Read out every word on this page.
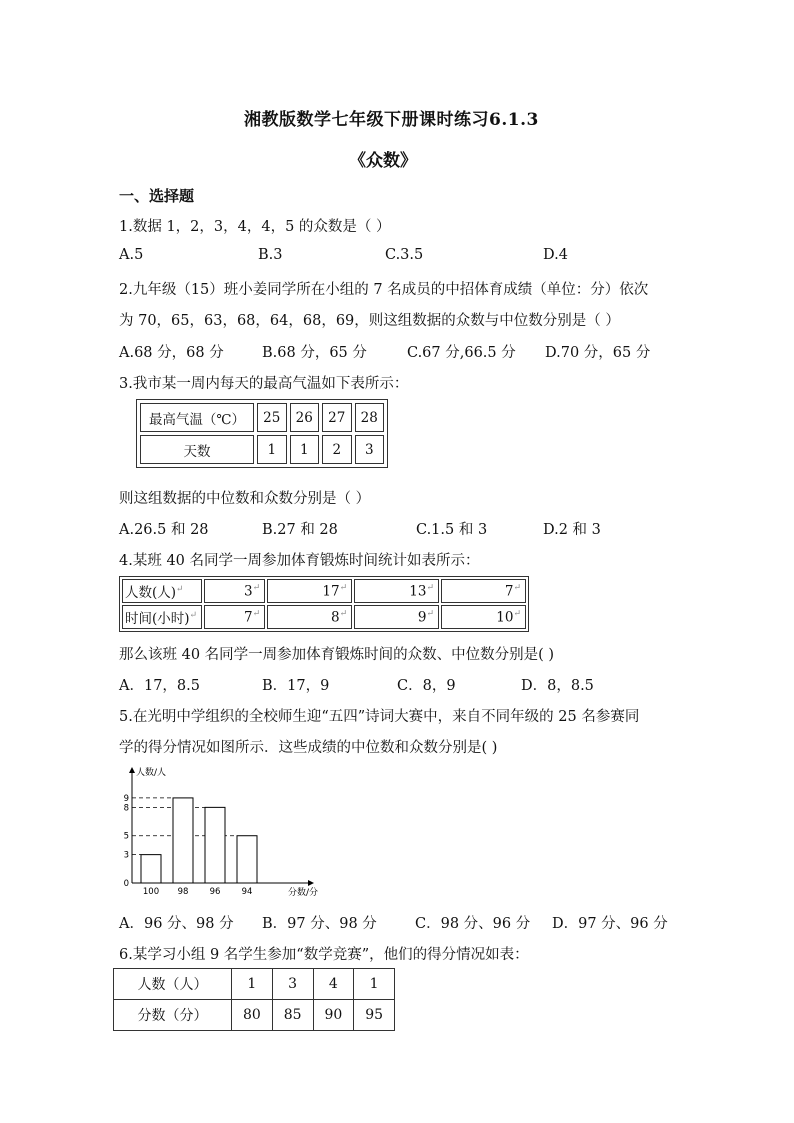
湘教版数学七年级下册课时练习6.1.3
《众数》
一、选择题
1.数据 1，2，3，4，4，5 的众数是（ ）
A.5	B.3	C.3.5	D.4
2.九年级（15）班小姜同学所在小组的 7 名成员的中招体育成绩（单位：分）依次
为 70，65，63，68，64，68，69，则这组数据的众数与中位数分别是（ ）
A.68 分，68 分	B.68 分，65 分	C.67 分,66.5 分 D.70 分，65 分
3.我市某一周内每天的最高气温如下表所示：
最高气温（℃）	25	26	27	28
天数	1	1	2	3
则这组数据的中位数和众数分别是（ ）
A.26.5 和 28	B.27 和 28	C.1.5 和 3	D.2 和 3
4.某班 40 名同学一周参加体育锻炼时间统计如表所示：
人数(人)↵	3↵	17↵	13↵	7↵
时间(小时)↵	7↵	8↵	9↵	10↵
那么该班 40 名同学一周参加体育锻炼时间的众数、中位数分别是( )
A．17，8.5	B．17，9	C．8，9	D．8，8.5
5.在光明中学组织的全校师生迎“五四”诗词大赛中，来自不同年级的 25 名参赛同
学的得分情况如图所示．这些成绩的中位数和众数分别是( )
人数/人
分数/分
100 98 96 94
0
3
5
8
9
A．96 分、98 分 B．97 分、98 分	C．98 分、96 分 D．97 分、96 分
6.某学习小组 9 名学生参加“数学竞赛”，他们的得分情况如表：
人数（人）	1	3	4	1
分数（分）	80	85	90	95
